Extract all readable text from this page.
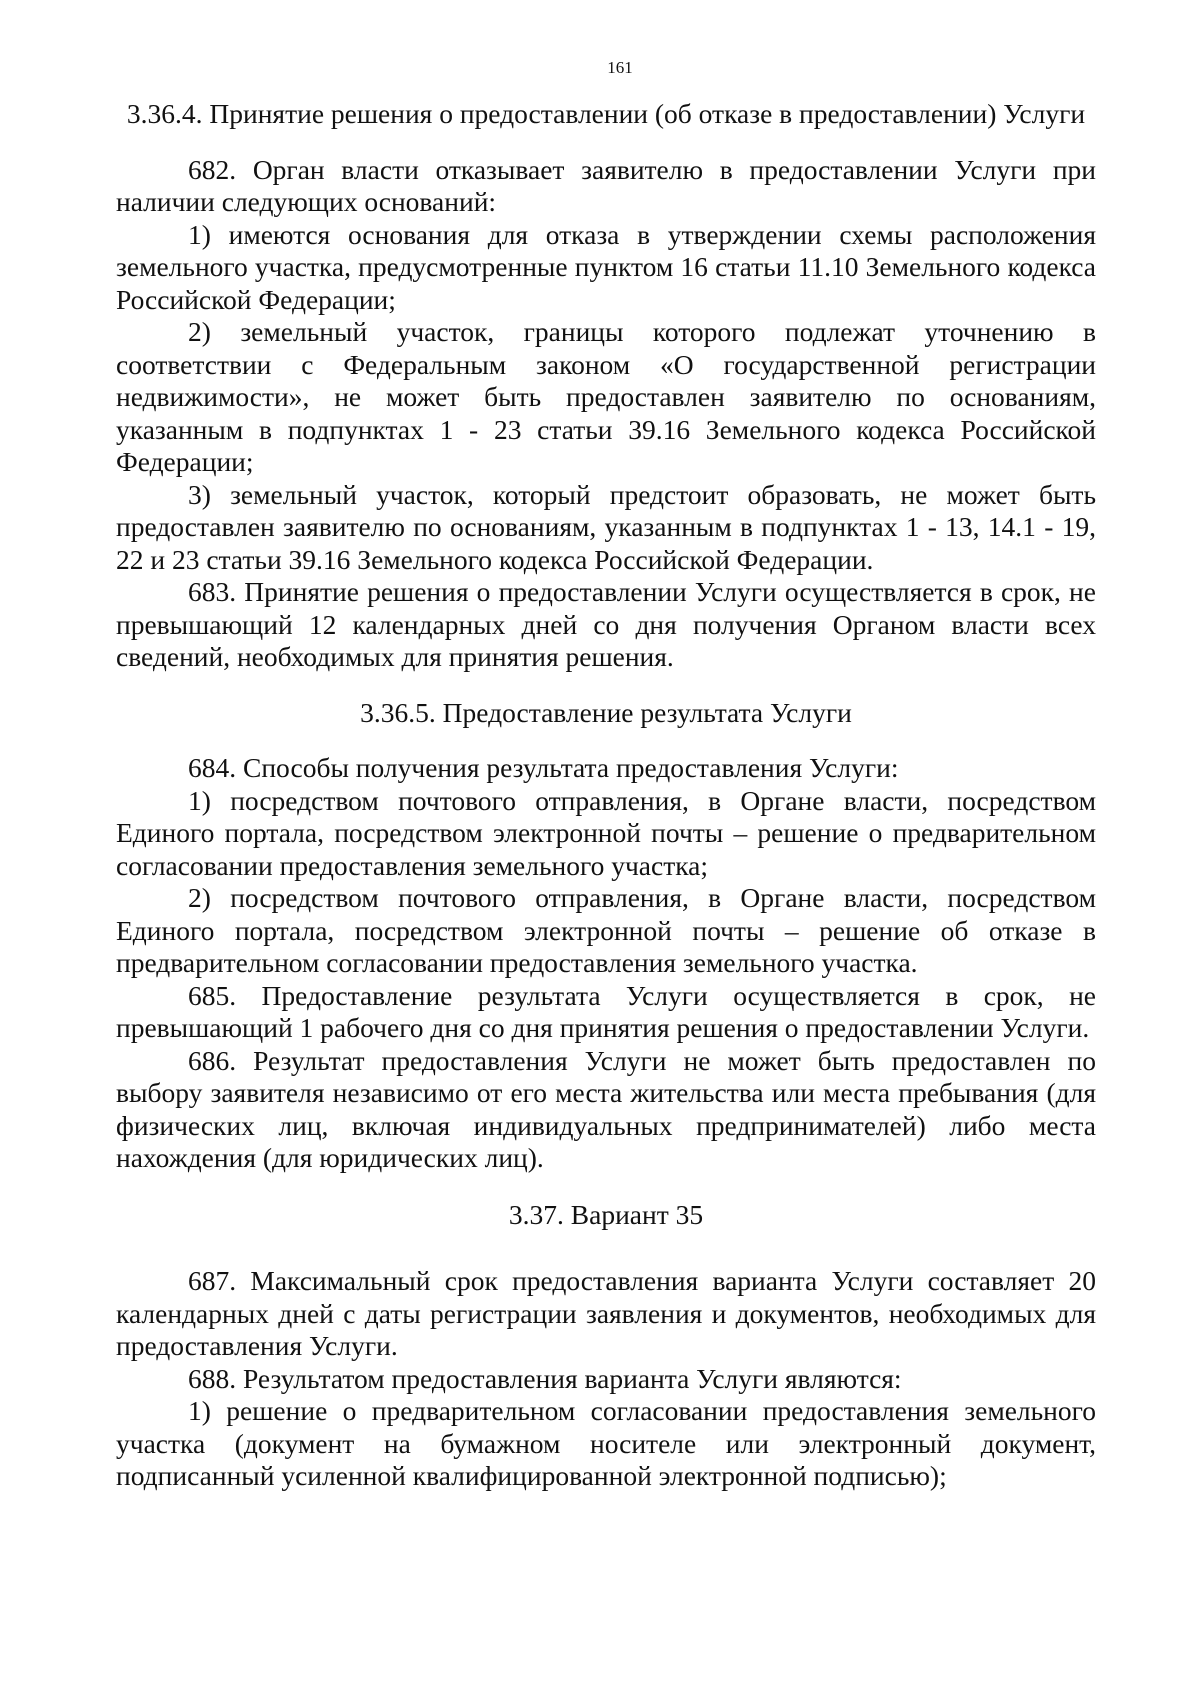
161
3.36.4. Принятие решения о предоставлении (об отказе в предоставлении) Услуги

682. Орган власти отказывает заявителю в предоставлении Услуги при наличии следующих оснований:

1) имеются основания для отказа в утверждении схемы расположения земельного участка, предусмотренные пунктом 16 статьи 11.10 Земельного кодекса Российской Федерации;

2) земельный участок, границы которого подлежат уточнению в соответствии с Федеральным законом «О государственной регистрации недвижимости», не может быть предоставлен заявителю по основаниям, указанным в подпунктах 1 - 23 статьи 39.16 Земельного кодекса Российской Федерации;

3) земельный участок, который предстоит образовать, не может быть предоставлен заявителю по основаниям, указанным в подпунктах 1 - 13, 14.1 - 19, 22 и 23 статьи 39.16 Земельного кодекса Российской Федерации.

683. Принятие решения о предоставлении Услуги осуществляется в срок, не превышающий 12 календарных дней со дня получения Органом власти всех сведений, необходимых для принятия решения.

3.36.5. Предоставление результата Услуги

684. Способы получения результата предоставления Услуги:

1) посредством почтового отправления, в Органе власти, посредством Единого портала, посредством электронной почты – решение о предварительном согласовании предоставления земельного участка;

2) посредством почтового отправления, в Органе власти, посредством Единого портала, посредством электронной почты – решение об отказе в предварительном согласовании предоставления земельного участка.

685. Предоставление результата Услуги осуществляется в срок, не превышающий 1 рабочего дня со дня принятия решения о предоставлении Услуги.

686. Результат предоставления Услуги не может быть предоставлен по выбору заявителя независимо от его места жительства или места пребывания (для физических лиц, включая индивидуальных предпринимателей) либо места нахождения (для юридических лиц).

3.37. Вариант 35

687. Максимальный срок предоставления варианта Услуги составляет 20 календарных дней с даты регистрации заявления и документов, необходимых для предоставления Услуги.

688. Результатом предоставления варианта Услуги являются:

1) решение о предварительном согласовании предоставления земельного участка (документ на бумажном носителе или электронный документ, подписанный усиленной квалифицированной электронной подписью);
